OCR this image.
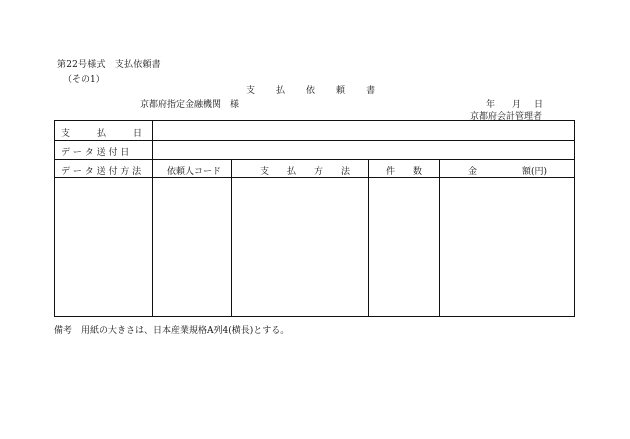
第22号様式　支払依頼書
（その1）
支 払 依 頼 書
京都府指定金融機関　様	年 月 日
京都府会計管理者
支　　　払　　　日
デ ー タ 送 付 日
デ ー タ 送 付 方 法	依頼人コード	支　　払　　方　　法	件　　数	金　　　　　額(円)
備考　用紙の大きさは、日本産業規格A列4(横長)とする。
